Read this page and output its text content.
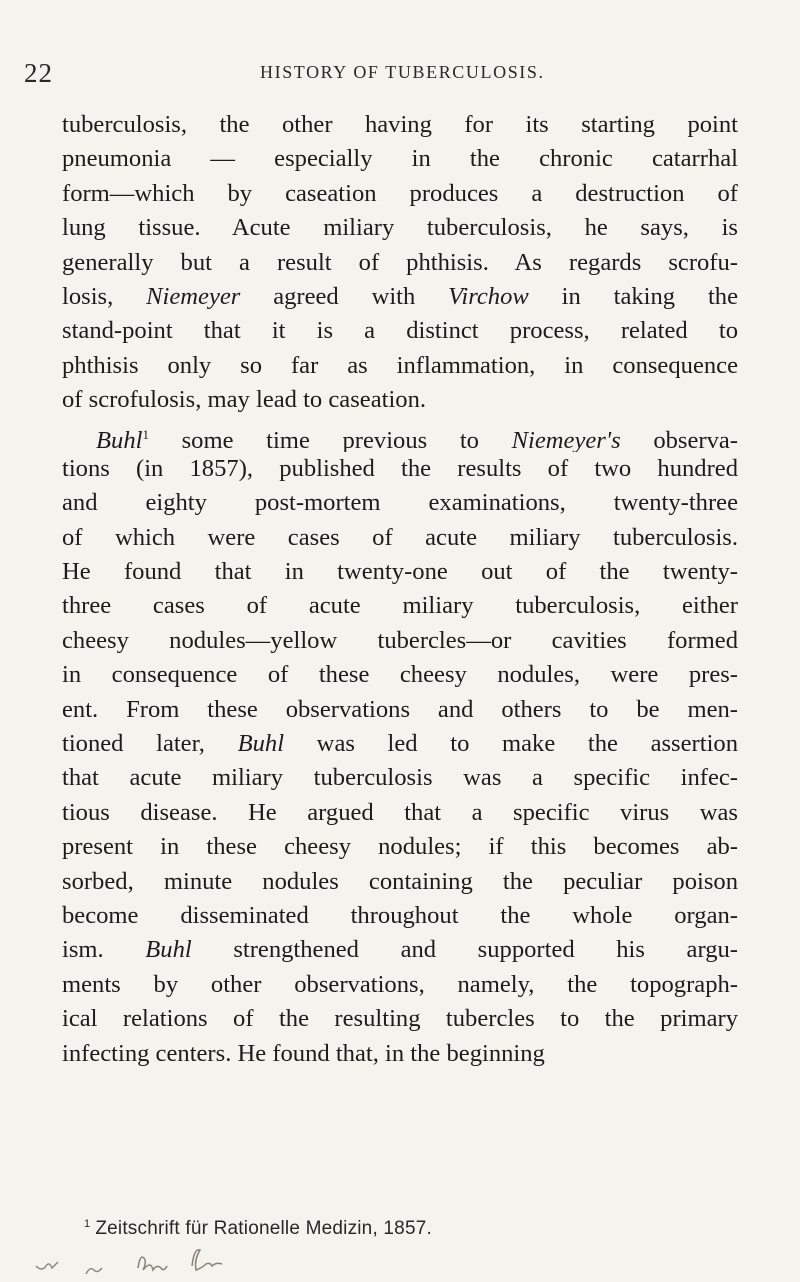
22	HISTORY OF TUBERCULOSIS.
tuberculosis, the other having for its starting point
pneumonia — especially in the chronic catarrhal
form—which by caseation produces a destruction of
lung tissue. Acute miliary tuberculosis, he says, is
generally but a result of phthisis. As regards scrofu-
losis, Niemeyer agreed with Virchow in taking the
stand-point that it is a distinct process, related to
phthisis only so far as inflammation, in consequence
of scrofulosis, may lead to caseation.
Buhl$^1$ some time previous to Niemeyer's observa-
tions (in 1857), published the results of two hundred
and eighty post-mortem examinations, twenty-three
of which were cases of acute miliary tuberculosis.
He found that in twenty-one out of the twenty-
three cases of acute miliary tuberculosis, either
cheesy nodules—yellow tubercles—or cavities formed
in consequence of these cheesy nodules, were pres-
ent. From these observations and others to be men-
tioned later, Buhl was led to make the assertion
that acute miliary tuberculosis was a specific infec-
tious disease. He argued that a specific virus was
present in these cheesy nodules; if this becomes ab-
sorbed, minute nodules containing the peculiar poison
become disseminated throughout the whole organ-
ism. Buhl strengthened and supported his argu-
ments by other observations, namely, the topograph-
ical relations of the resulting tubercles to the primary
infecting centers. He found that, in the beginning
$^1$ Zeitschrift für Rationelle Medizin, 1857.
